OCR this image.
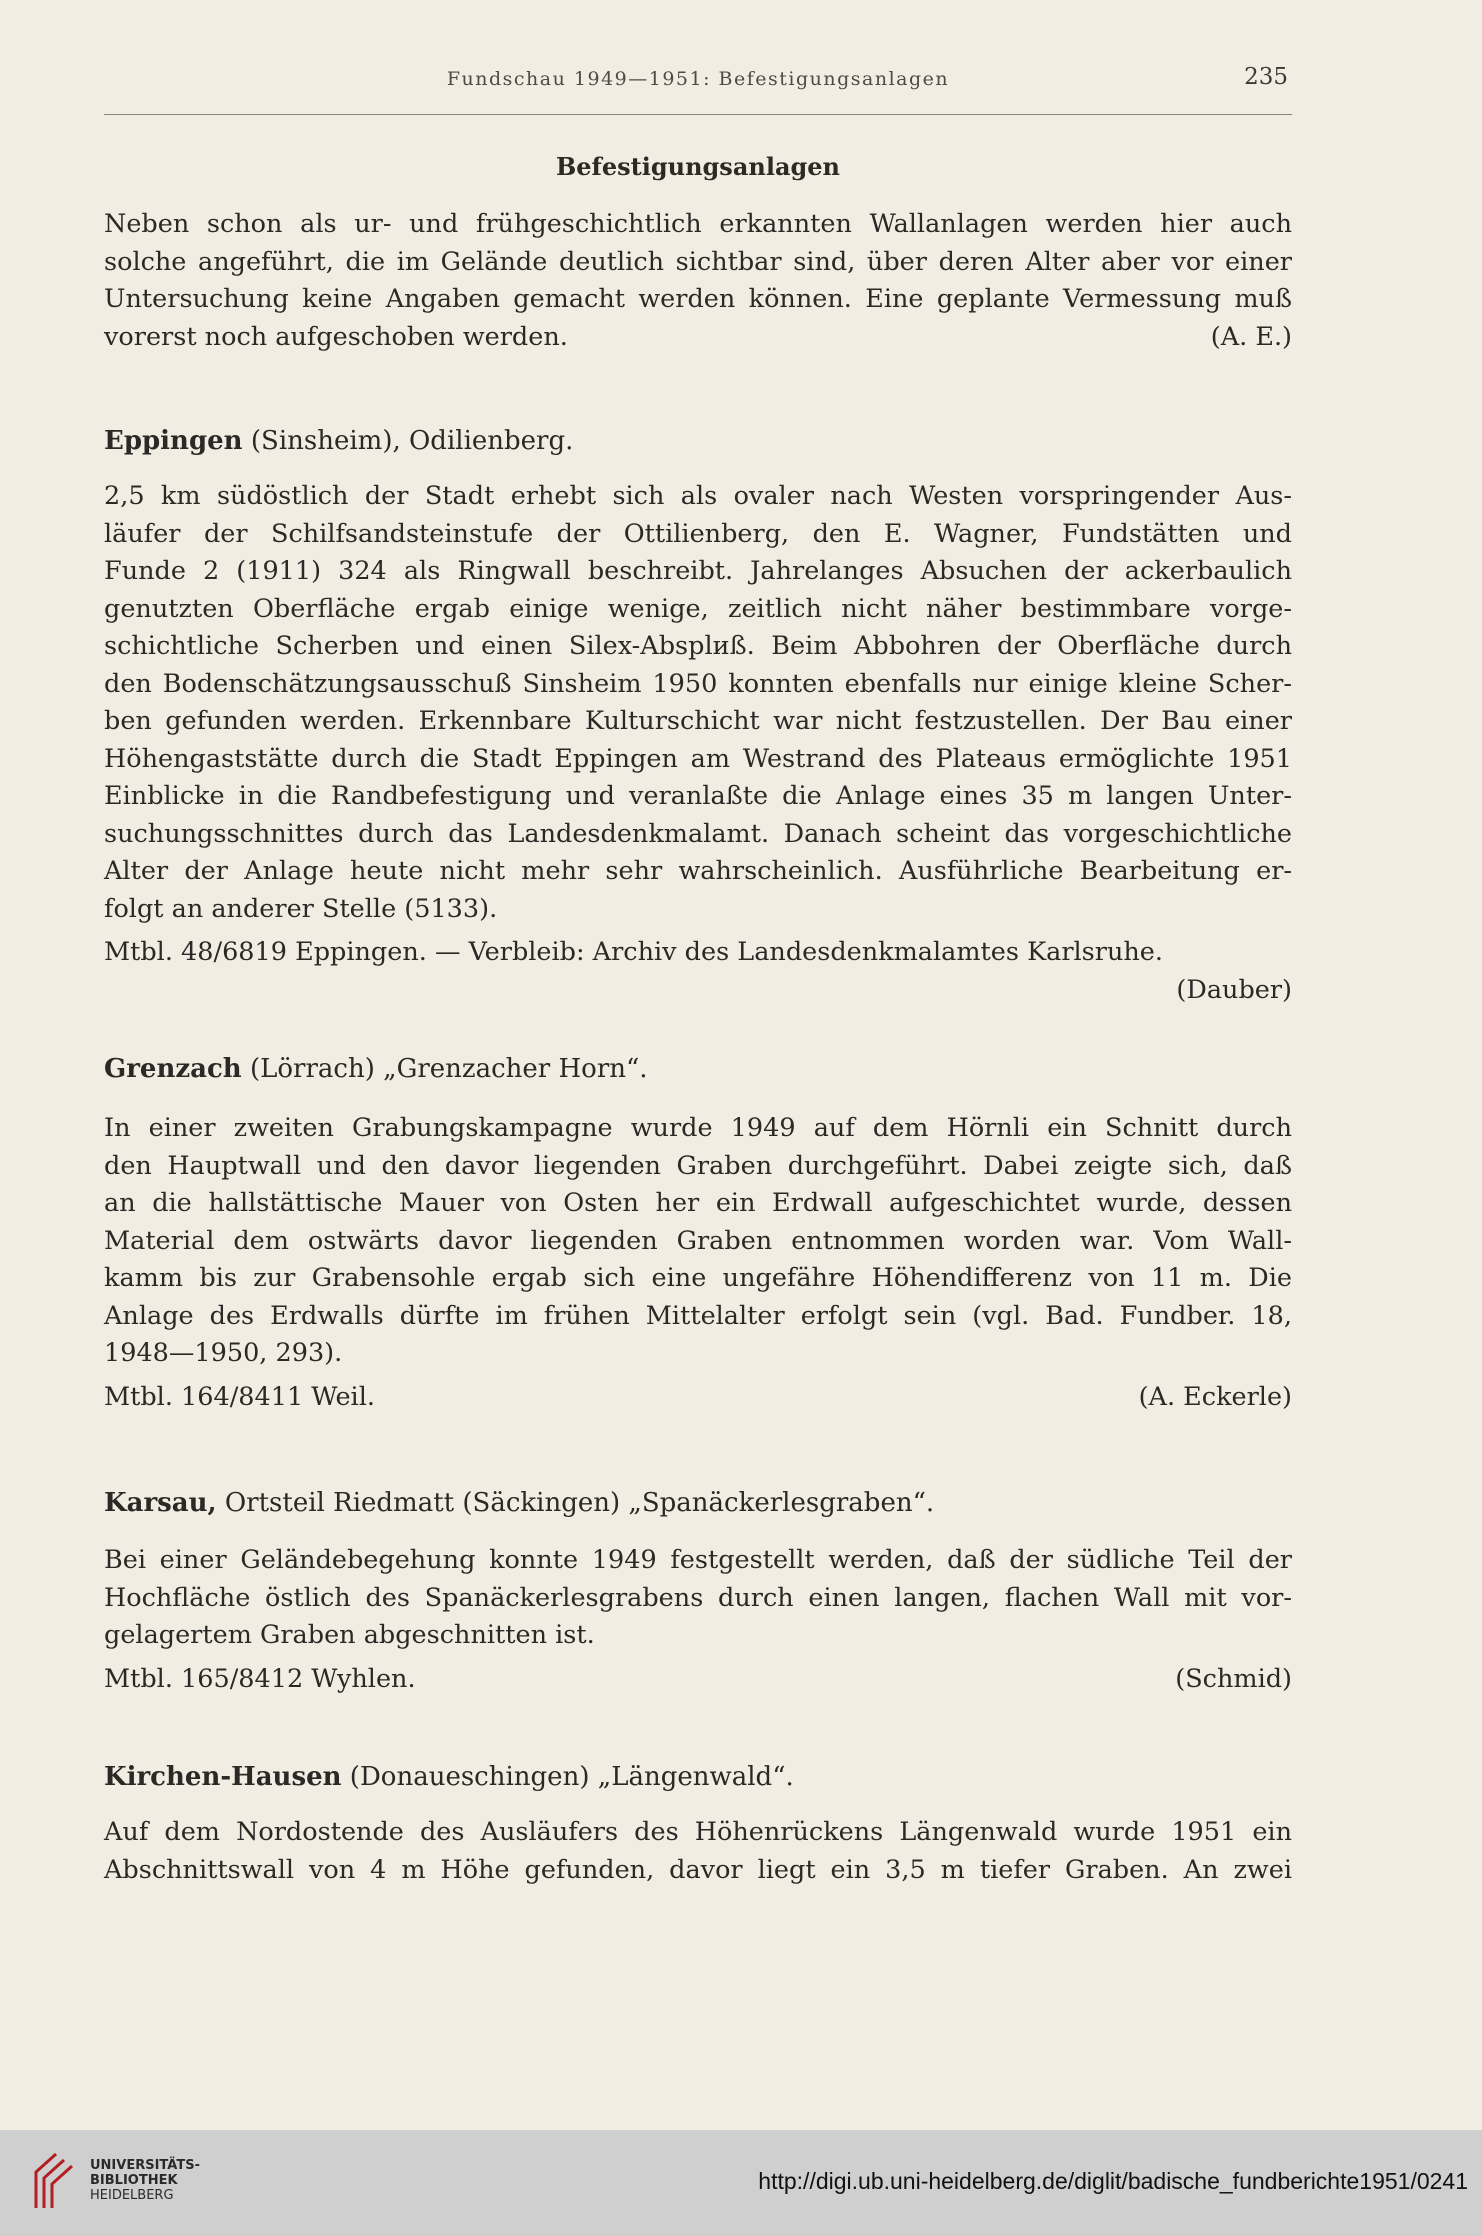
Fundschau 1949—1951: Befestigungsanlagen	235
Befestigungsanlagen

Neben schon als ur- und frühgeschichtlich erkannten Wallanlagen werden hier auch

solche angeführt, die im Gelände deutlich sichtbar sind, über deren Alter aber vor einer

Untersuchung keine Angaben gemacht werden können. Eine geplante Vermessung muß

vorerst noch aufgeschoben werden.	(A. E.)

Eppingen (Sinsheim), Odilienberg.

2,5 km südöstlich der Stadt erhebt sich als ovaler nach Westen vorspringender Aus-

läufer der Schilfsandsteinstufe der Ottilienberg, den E. Wagner, Fundstätten und

Funde 2 (1911) 324 als Ringwall beschreibt. Jahrelanges Absuchen der ackerbaulich

genutzten Oberfläche ergab einige wenige, zeitlich nicht näher bestimmbare vorge-

schichtliche Scherben und einen Silex-Absplиß. Beim Abbohren der Oberfläche durch

den Bodenschätzungsausschuß Sinsheim 1950 konnten ebenfalls nur einige kleine Scher-

ben gefunden werden. Erkennbare Kulturschicht war nicht festzustellen. Der Bau einer

Höhengaststätte durch die Stadt Eppingen am Westrand des Plateaus ermöglichte 1951

Einblicke in die Randbefestigung und veranlaßte die Anlage eines 35 m langen Unter-

suchungsschnittes durch das Landesdenkmalamt. Danach scheint das vorgeschichtliche

Alter der Anlage heute nicht mehr sehr wahrscheinlich. Ausführliche Bearbeitung er-

folgt an anderer Stelle (5133).

Mtbl. 48/6819 Eppingen. — Verbleib: Archiv des Landesdenkmalamtes Karlsruhe.

(Dauber)

Grenzach (Lörrach) „Grenzacher Horn“.

In einer zweiten Grabungskampagne wurde 1949 auf dem Hörnli ein Schnitt durch

den Hauptwall und den davor liegenden Graben durchgeführt. Dabei zeigte sich, daß

an die hallstättische Mauer von Osten her ein Erdwall aufgeschichtet wurde, dessen

Material dem ostwärts davor liegenden Graben entnommen worden war. Vom Wall-

kamm bis zur Grabensohle ergab sich eine ungefähre Höhendifferenz von 11 m. Die

Anlage des Erdwalls dürfte im frühen Mittelalter erfolgt sein (vgl. Bad. Fundber. 18,

1948—1950, 293).

Mtbl. 164/8411 Weil.	(A. Eckerle)

Karsau, Ortsteil Riedmatt (Säckingen) „Spanäckerlesgraben“.

Bei einer Geländebegehung konnte 1949 festgestellt werden, daß der südliche Teil der

Hochfläche östlich des Spanäckerlesgrabens durch einen langen, flachen Wall mit vor-

gelagertem Graben abgeschnitten ist.

Mtbl. 165/8412 Wyhlen.	(Schmid)

Kirchen-Hausen (Donaueschingen) „Längenwald“.

Auf dem Nordostende des Ausläufers des Höhenrückens Längenwald wurde 1951 ein

Abschnittswall von 4 m Höhe gefunden, davor liegt ein 3,5 m tiefer Graben. An zwei

UNIVERSITÄTS-
BIBLIOTHEK
HEIDELBERG
http://digi.ub.uni-heidelberg.de/diglit/badische_fundberichte1951/0241
